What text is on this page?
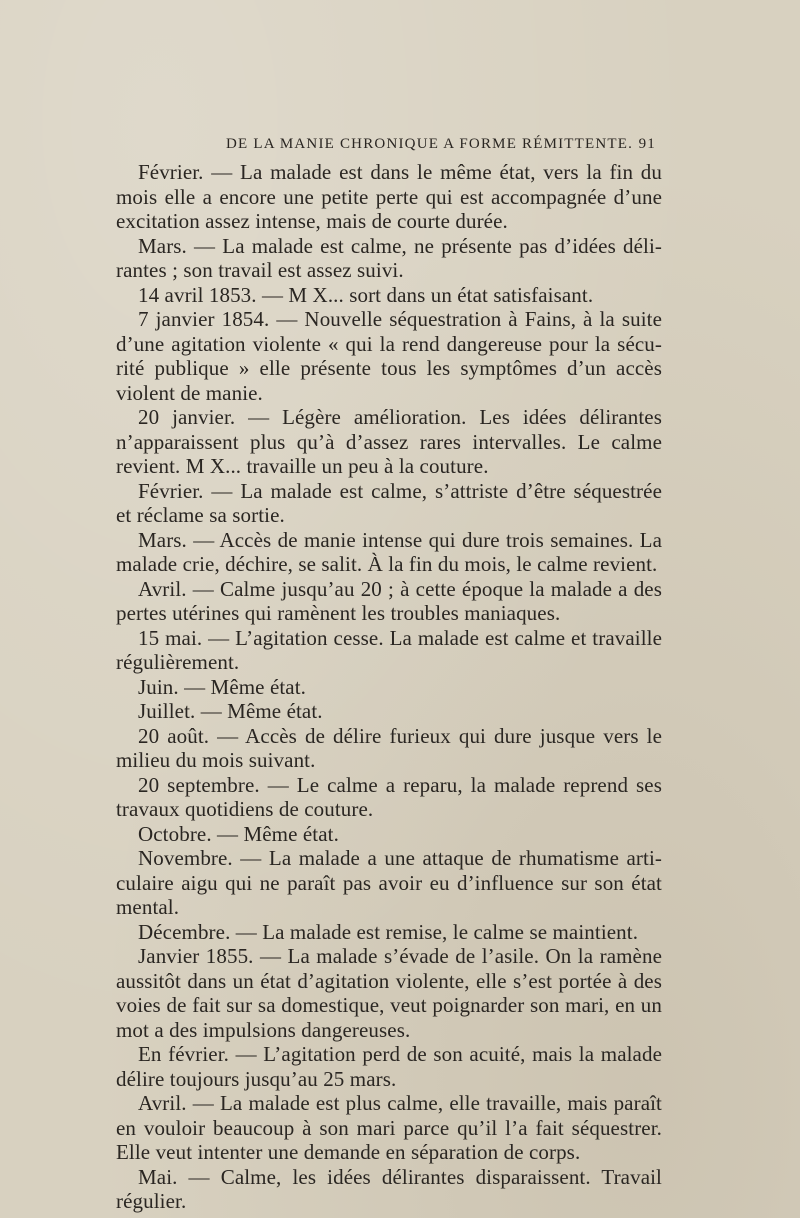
DE LA MANIE CHRONIQUE A FORME RÉMITTENTE. 91

Février. — La malade est dans le même état, vers la fin du mois elle a encore une petite perte qui est accompagnée d’une excitation assez intense, mais de courte durée.

Mars. — La malade est calme, ne présente pas d’idées déli- rantes ; son travail est assez suivi.

14 avril 1853. — M X... sort dans un état satisfaisant.

7 janvier 1854. — Nouvelle séquestration à Fains, à la suite d’une agitation violente « qui la rend dangereuse pour la sécu- rité publique » elle présente tous les symptômes d’un accès violent de manie.

20 janvier. — Légère amélioration. Les idées délirantes n’apparaissent plus qu’à d’assez rares intervalles. Le calme revient. M X... travaille un peu à la couture.

Février. — La malade est calme, s’attriste d’être séquestrée et réclame sa sortie.

Mars. — Accès de manie intense qui dure trois semaines. La malade crie, déchire, se salit. À la fin du mois, le calme revient.

Avril. — Calme jusqu’au 20 ; à cette époque la malade a des pertes utérines qui ramènent les troubles maniaques.

15 mai. — L’agitation cesse. La malade est calme et travaille régulièrement.

Juin. — Même état.

Juillet. — Même état.

20 août. — Accès de délire furieux qui dure jusque vers le milieu du mois suivant.

20 septembre. — Le calme a reparu, la malade reprend ses travaux quotidiens de couture.

Octobre. — Même état.

Novembre. — La malade a une attaque de rhumatisme arti- culaire aigu qui ne paraît pas avoir eu d’influence sur son état mental.

Décembre. — La malade est remise, le calme se maintient.

Janvier 1855. — La malade s’évade de l’asile. On la ramène aussitôt dans un état d’agitation violente, elle s’est portée à des voies de fait sur sa domestique, veut poignarder son mari, en un mot a des impulsions dangereuses.

En février. — L’agitation perd de son acuité, mais la malade délire toujours jusqu’au 25 mars.

Avril. — La malade est plus calme, elle travaille, mais paraît en vouloir beaucoup à son mari parce qu’il l’a fait séquestrer. Elle veut intenter une demande en séparation de corps.

Mai. — Calme, les idées délirantes disparaissent. Travail régulier.
